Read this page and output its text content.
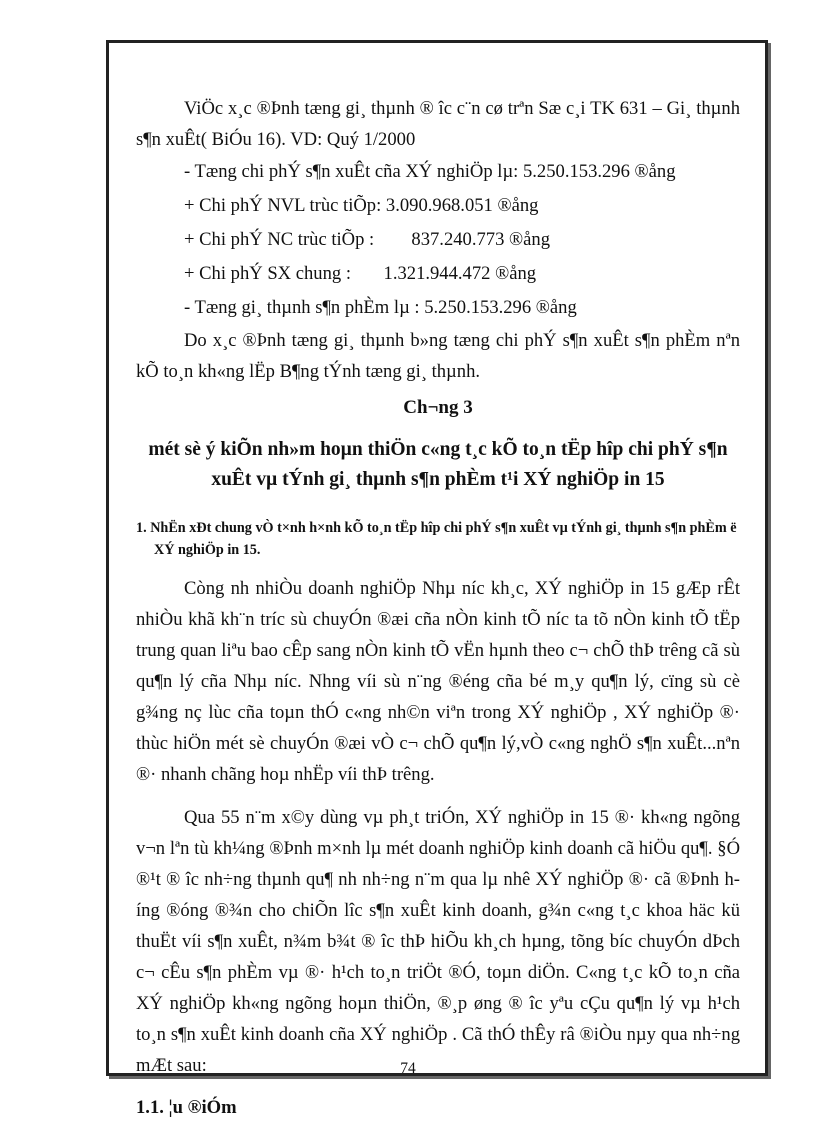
ViÖc x¸c ®Þnh tæng gi¸ thµnh ® îc c¨n cø trªn Sæ c¸i TK 631 – Gi¸ thµnh s¶n xuÊt( BiÓu 16). VD: Quý 1/2000

- Tæng chi phÝ s¶n xuÊt cña XÝ nghiÖp lµ: 5.250.153.296 ®ång

+ Chi phÝ NVL trùc tiÕp: 3.090.968.051 ®ång

+ Chi phÝ NC trùc tiÕp :        837.240.773 ®ång

+ Chi phÝ SX chung :       1.321.944.472 ®ång

- Tæng gi¸ thµnh s¶n phÈm lµ : 5.250.153.296 ®ång

Do x¸c ®Þnh tæng gi¸ thµnh b»ng tæng chi phÝ s¶n xuÊt s¶n phÈm nªn kÕ to¸n kh«ng lËp B¶ng tÝnh tæng gi¸ thµnh.

Ch¬ng 3

mét sè ý kiÕn nh»m hoµn thiÖn c«ng t¸c kÕ to¸n tËp hîp chi phÝ s¶n xuÊt vµ tÝnh gi¸ thµnh s¶n phÈm t¹i XÝ nghiÖp in 15

1. NhËn xÐt chung vÒ t×nh h×nh kÕ to¸n tËp hîp chi phÝ s¶n xuÊt vµ tÝnh gi¸ thµnh s¶n phÈm ë XÝ nghiÖp in 15.

Còng nh nhiÒu doanh nghiÖp Nhµ níc kh¸c, XÝ nghiÖp in 15 gÆp rÊt nhiÒu khã kh¨n tríc sù chuyÓn ®æi cña nÒn kinh tÕ níc ta tõ nÒn kinh tÕ tËp trung quan liªu bao cÊp sang nÒn kinh tÕ vËn hµnh theo c¬ chÕ thÞ trêng cã sù qu¶n lý cña Nhµ níc. Nhng víi sù n¨ng ®éng cña bé m¸y qu¶n lý, cïng sù cè g¾ng nç lùc cña toµn thÓ c«ng nh©n viªn trong XÝ nghiÖp , XÝ nghiÖp ®· thùc hiÖn mét sè chuyÓn ®æi vÒ c¬ chÕ qu¶n lý,vÒ c«ng nghÖ s¶n xuÊt...nªn ®· nhanh chãng hoµ nhËp víi thÞ trêng.

Qua 55 n¨m x©y dùng vµ ph¸t triÓn, XÝ nghiÖp in 15 ®· kh«ng ngõng v¬n lªn tù kh¼ng ®Þnh m×nh lµ mét doanh nghiÖp kinh doanh cã hiÖu qu¶. §Ó ®¹t ® îc nh÷ng thµnh qu¶ nh nh÷ng n¨m qua lµ nhê XÝ nghiÖp ®· cã ®Þnh híng ®óng ®¾n cho chiÕn lîc s¶n xuÊt kinh doanh, g¾n c«ng t¸c khoa häc kü thuËt víi s¶n xuÊt, n¾m b¾t ® îc thÞ hiÕu kh¸ch hµng, tõng bíc chuyÓn dÞch c¬ cÊu s¶n phÈm vµ ®· h¹ch to¸n triÖt ®Ó, toµn diÖn. C«ng t¸c kÕ to¸n cña XÝ nghiÖp kh«ng ngõng hoµn thiÖn, ®¸p øng ® îc yªu cÇu qu¶n lý vµ h¹ch to¸n s¶n xuÊt kinh doanh cña XÝ nghiÖp . Cã thÓ thÊy râ ®iÒu nµy qua nh÷ng mÆt sau:

1.1. ¦u ®iÓm

74
